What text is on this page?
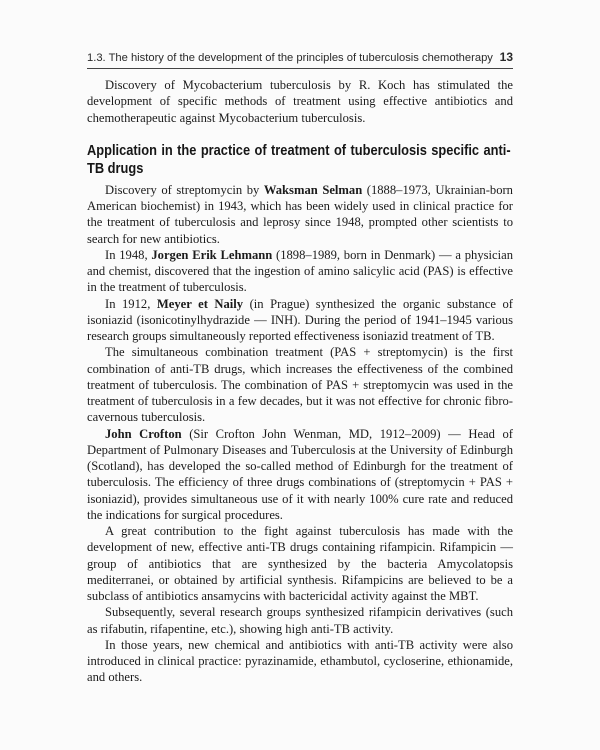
1.3. The history of the development of the principles of tuberculosis chemotherapy 13

Discovery of Mycobacterium tuberculosis by R. Koch has stimulated the development of specific methods of treatment using effective antibiotics and chemotherapeutic against Mycobacterium tuberculosis.

Application in the practice of treatment of tuberculosis specific anti-TB drugs

Discovery of streptomycin by Waksman Selman (1888–1973, Ukrainian-born American biochemist) in 1943, which has been widely used in clinical practice for the treatment of tuberculosis and leprosy since 1948, prompted other scientists to search for new antibiotics.

In 1948, Jorgen Erik Lehmann (1898–1989, born in Denmark) — a physician and chemist, discovered that the ingestion of amino salicylic acid (PAS) is effective in the treatment of tuberculosis.

In 1912, Meyer et Naily (in Prague) synthesized the organic substance of isoniazid (isonicotinylhydrazide — INH). During the period of 1941–1945 various research groups simultaneously reported effectiveness isoniazid treatment of TB.

The simultaneous combination treatment (PAS + streptomycin) is the first combination of anti-TB drugs, which increases the effectiveness of the combined treatment of tuberculosis. The combination of PAS + streptomycin was used in the treatment of tuberculosis in a few decades, but it was not effective for chronic fibro-cavernous tuberculosis.

John Crofton (Sir Crofton John Wenman, MD, 1912–2009) — Head of Department of Pulmonary Diseases and Tuberculosis at the University of Edinburgh (Scotland), has developed the so-called method of Edinburgh for the treatment of tuberculosis. The efficiency of three drugs combinations of (streptomycin + PAS + isoniazid), provides simultaneous use of it with nearly 100% cure rate and reduced the indications for surgical procedures.

A great contribution to the fight against tuberculosis has made with the development of new, effective anti-TB drugs containing rifampicin. Rifampicin — group of antibiotics that are synthesized by the bacteria Amycolatopsis mediterranei, or obtained by artificial synthesis. Rifampicins are believed to be a subclass of antibiotics ansamycins with bactericidal activity against the MBT.

Subsequently, several research groups synthesized rifampicin derivatives (such as rifabutin, rifapentine, etc.), showing high anti-TB activity.

In those years, new chemical and antibiotics with anti-TB activity were also introduced in clinical practice: pyrazinamide, ethambutol, cycloserine, ethionamide, and others.
